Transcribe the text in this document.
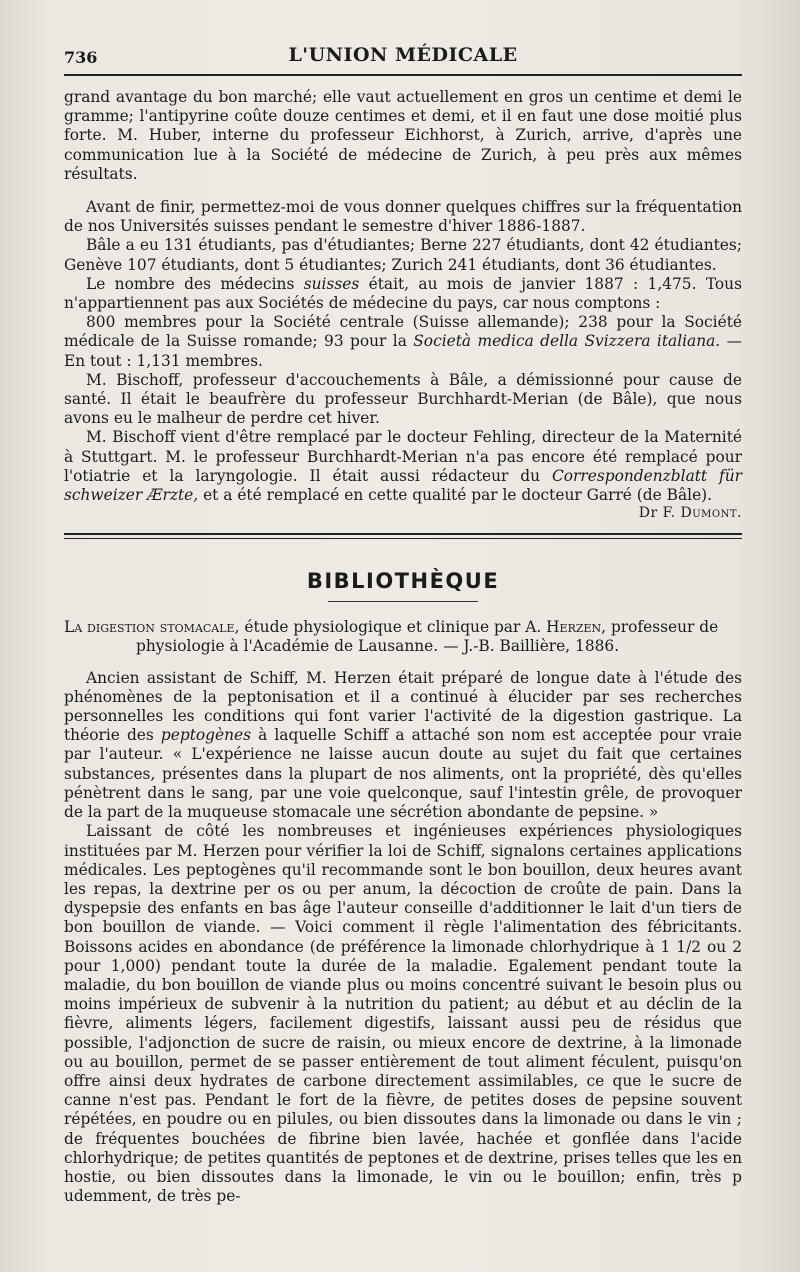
736	L'UNION MÉDICALE

grand avantage du bon marché; elle vaut actuellement en gros un centime et demi le gramme; l'antipyrine coûte douze centimes et demi, et il en faut une dose moitié plus forte. M. Huber, interne du professeur Eichhorst, à Zurich, arrive, d'après une communication lue à la Société de médecine de Zurich, à peu près aux mêmes résultats.

Avant de finir, permettez-moi de vous donner quelques chiffres sur la fréquentation de nos Universités suisses pendant le semestre d'hiver 1886-1887.

Bâle a eu 131 étudiants, pas d'étudiantes; Berne 227 étudiants, dont 42 étudiantes; Genève 107 étudiants, dont 5 étudiantes; Zurich 241 étudiants, dont 36 étudiantes.

Le nombre des médecins suisses était, au mois de janvier 1887 : 1,475. Tous n'appartiennent pas aux Sociétés de médecine du pays, car nous comptons :

800 membres pour la Société centrale (Suisse allemande); 238 pour la Société médicale de la Suisse romande; 93 pour la Società medica della Svizzera italiana. — En tout : 1,131 membres.

M. Bischoff, professeur d'accouchements à Bâle, a démissionné pour cause de santé. Il était le beaufrère du professeur Burchhardt-Merian (de Bâle), que nous avons eu le malheur de perdre cet hiver.

M. Bischoff vient d'être remplacé par le docteur Fehling, directeur de la Maternité à Stuttgart. M. le professeur Burchhardt-Merian n'a pas encore été remplacé pour l'otiatrie et la laryngologie. Il était aussi rédacteur du Correspondenzblatt für schweizer Ærzte, et a été remplacé en cette qualité par le docteur Garré (de Bâle).

Dr F. Dumont.
BIBLIOTHÈQUE
La digestion stomacale, étude physiologique et clinique par A. Herzen, professeur de
physiologie à l'Académie de Lausanne. — J.-B. Baillière, 1886.

Ancien assistant de Schiff, M. Herzen était préparé de longue date à l'étude des phénomènes de la peptonisation et il a continué à élucider par ses recherches personnelles les conditions qui font varier l'activité de la digestion gastrique. La théorie des peptogènes à laquelle Schiff a attaché son nom est acceptée pour vraie par l'auteur. « L'expérience ne laisse aucun doute au sujet du fait que certaines substances, présentes dans la plupart de nos aliments, ont la propriété, dès qu'elles pénètrent dans le sang, par une voie quelconque, sauf l'intestin grêle, de provoquer de la part de la muqueuse stomacale une sécrétion abondante de pepsine. »

Laissant de côté les nombreuses et ingénieuses expériences physiologiques instituées par M. Herzen pour vérifier la loi de Schiff, signalons certaines applications médicales. Les peptogènes qu'il recommande sont le bon bouillon, deux heures avant les repas, la dextrine per os ou per anum, la décoction de croûte de pain. Dans la dyspepsie des enfants en bas âge l'auteur conseille d'additionner le lait d'un tiers de bon bouillon de viande. — Voici comment il règle l'alimentation des fébricitants. Boissons acides en abondance (de préférence la limonade chlorhydrique à 1 1/2 ou 2 pour 1,000) pendant toute la durée de la maladie. Egalement pendant toute la maladie, du bon bouillon de viande plus ou moins concentré suivant le besoin plus ou moins impérieux de subvenir à la nutrition du patient; au début et au déclin de la fièvre, aliments légers, facilement digestifs, laissant aussi peu de résidus que possible, l'adjonction de sucre de raisin, ou mieux encore de dextrine, à la limonade ou au bouillon, permet de se passer entièrement de tout aliment féculent, puisqu'on offre ainsi deux hydrates de carbone directement assimilables, ce que le sucre de canne n'est pas. Pendant le fort de la fièvre, de petites doses de pepsine souvent répétées, en poudre ou en pilules, ou bien dissoutes dans la limonade ou dans le vin ; de fréquentes bouchées de fibrine bien lavée, hachée et gonflée dans l'acide chlorhydrique; de petites quantités de peptones et de dextrine, prises telles que les en hostie, ou bien dissoutes dans la limonade, le vin ou le bouillon; enfin, très p udemment, de très pe-
